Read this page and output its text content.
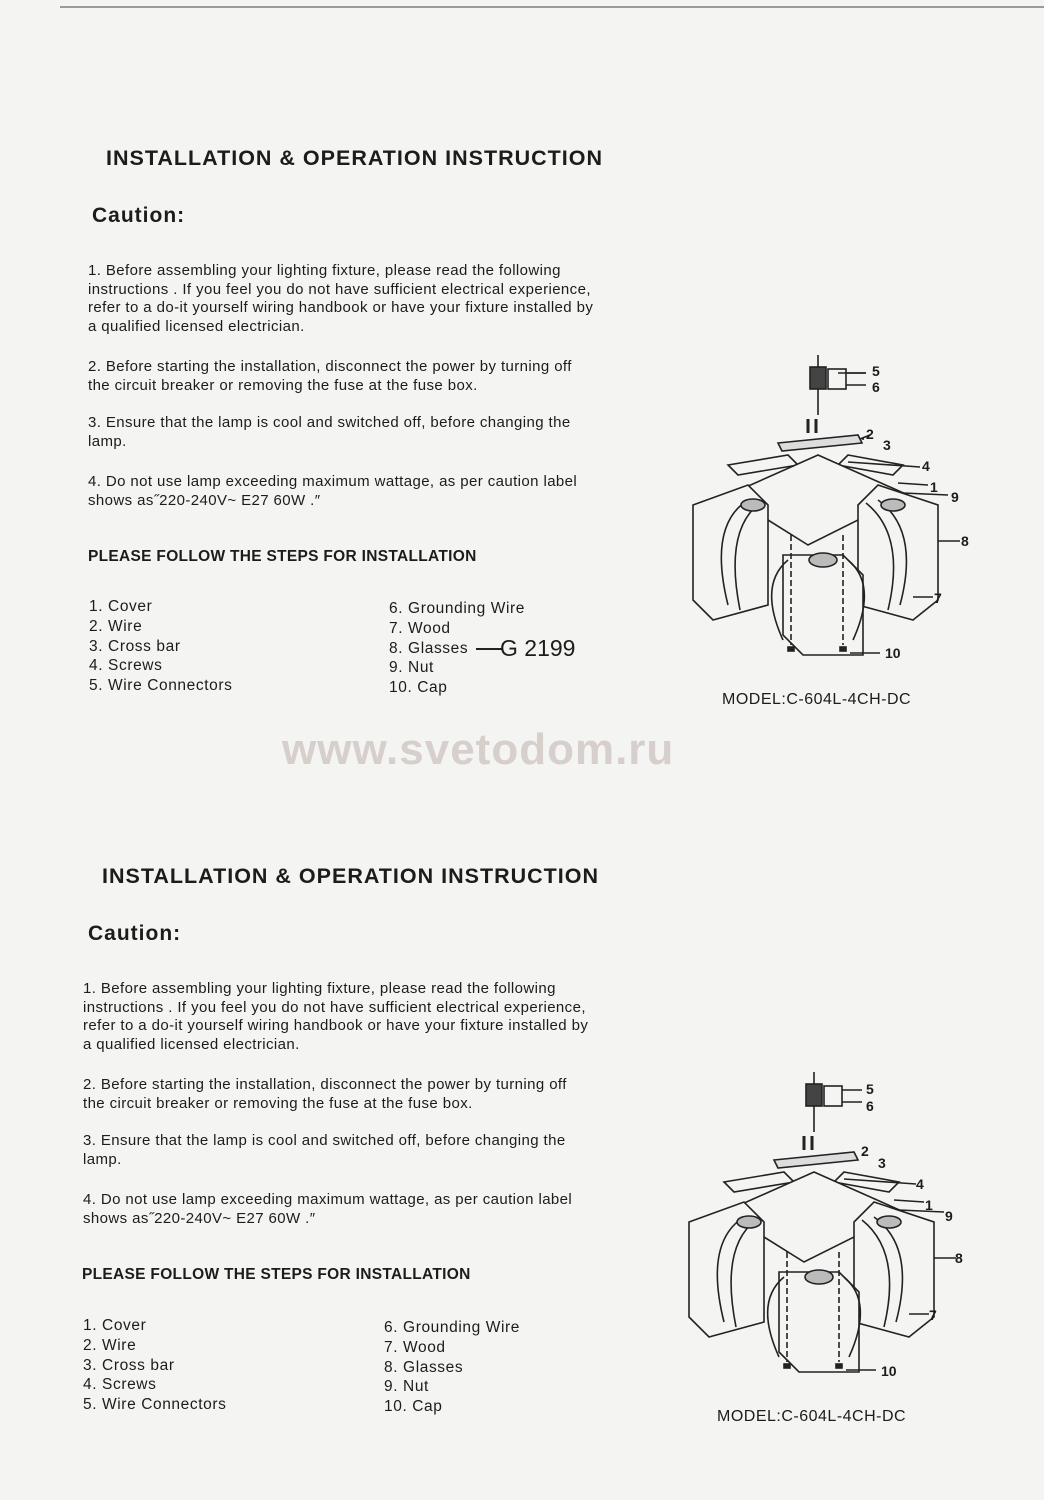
INSTALLATION & OPERATION INSTRUCTION
Caution:
1. Before assembling your lighting fixture, please read the following
instructions . If you feel you do not have sufficient electrical experience,
refer to a do-it yourself wiring handbook or have your fixture installed by
a qualified licensed electrician.
2. Before starting the installation, disconnect the power by turning off
the circuit breaker or removing the fuse at the fuse box.
3. Ensure that the lamp is cool and switched off, before changing the
lamp.
4. Do not use lamp exceeding maximum wattage, as per caution label
shows as˝220-240V~ E27 60W .″
PLEASE FOLLOW THE STEPS FOR INSTALLATION
1. Cover
2. Wire
3. Cross bar
4. Screws
5. Wire Connectors
6. Grounding Wire
7. Wood
8. Glasses
9. Nut
10. Cap
G 2199
MODEL:C-604L-4CH-DC
5
6
2
3
4
1
9
8
7
10
www.svetodom.ru
INSTALLATION & OPERATION INSTRUCTION
Caution:
1. Before assembling your lighting fixture, please read the following
instructions . If you feel you do not have sufficient electrical experience,
refer to a do-it yourself wiring handbook or have your fixture installed by
a qualified licensed electrician.
2. Before starting the installation, disconnect the power by turning off
the circuit breaker or removing the fuse at the fuse box.
3. Ensure that the lamp is cool and switched off, before changing the
lamp.
4. Do not use lamp exceeding maximum wattage, as per caution label
shows as˝220-240V~ E27 60W .″
PLEASE FOLLOW THE STEPS FOR INSTALLATION
1. Cover
2. Wire
3. Cross bar
4. Screws
5. Wire Connectors
6. Grounding Wire
7. Wood
8. Glasses
9. Nut
10. Cap
MODEL:C-604L-4CH-DC
5
6
2
3
4
1
9
8
7
10
